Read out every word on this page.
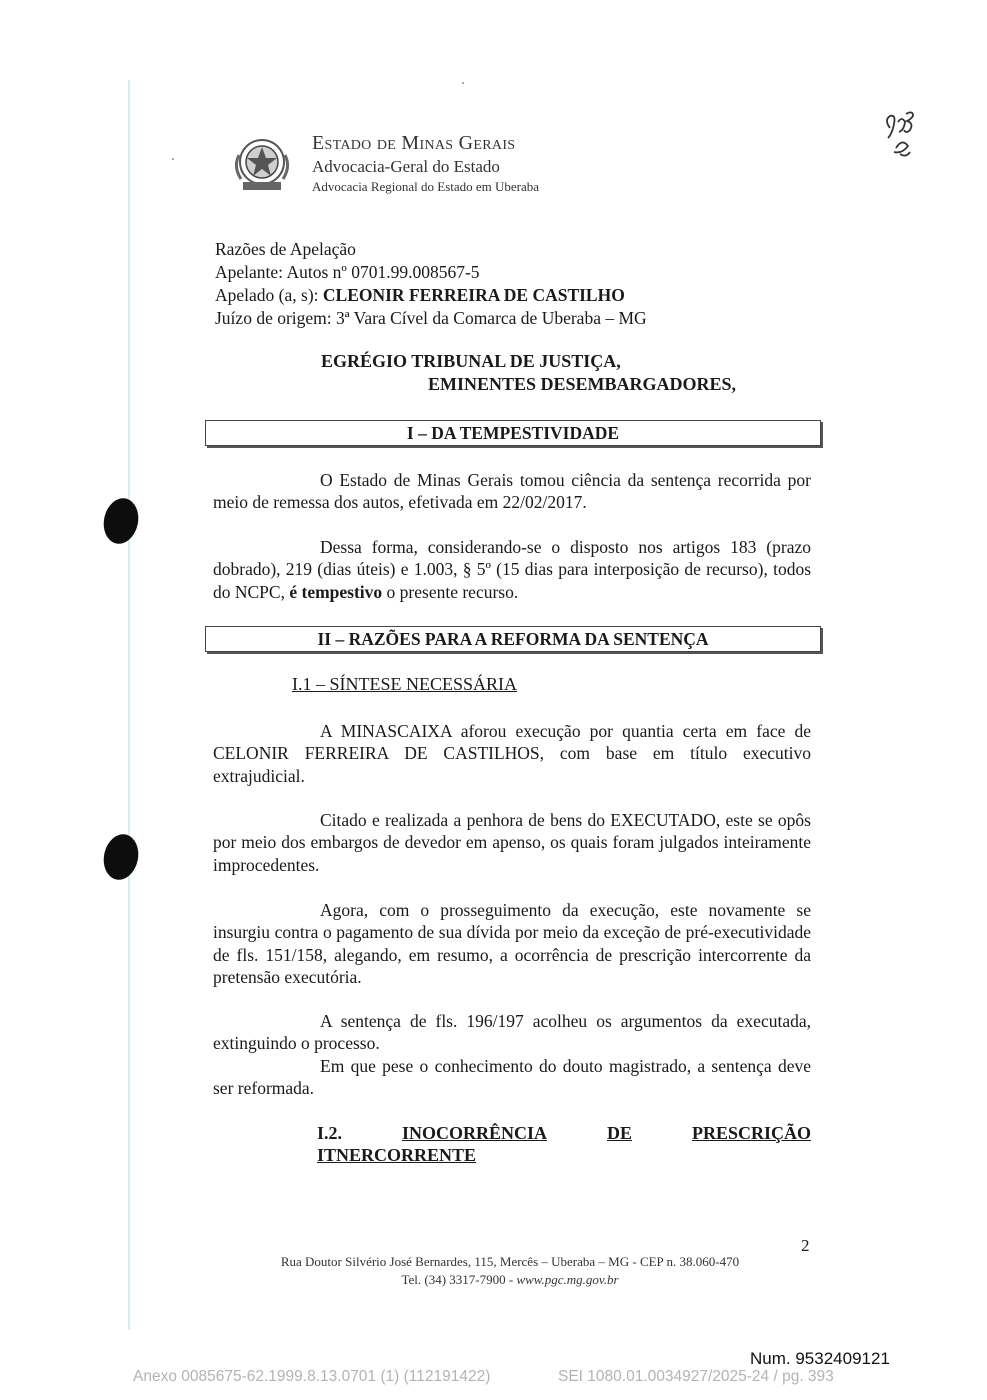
Estado de Minas Gerais
Advocacia-Geral do Estado
Advocacia Regional do Estado em Uberaba
Razões de Apelação
Apelante: Autos nº 0701.99.008567-5
Apelado (a, s): CLEONIR FERREIRA DE CASTILHO
Juízo de origem: 3ª Vara Cível da Comarca de Uberaba – MG
EGRÉGIO TRIBUNAL DE JUSTIÇA,
EMINENTES DESEMBARGADORES,
I – DA TEMPESTIVIDADE

O Estado de Minas Gerais tomou ciência da sentença recorrida por meio de remessa dos autos, efetivada em 22/02/2017.

Dessa forma, considerando-se o disposto nos artigos 183 (prazo dobrado), 219 (dias úteis) e 1.003, § 5º (15 dias para interposição de recurso), todos do NCPC, é tempestivo o presente recurso.

II – RAZÕES PARA A REFORMA DA SENTENÇA
I.1 – SÍNTESE NECESSÁRIA

A MINASCAIXA aforou execução por quantia certa em face de CELONIR FERREIRA DE CASTILHOS, com base em título executivo extrajudicial.

Citado e realizada a penhora de bens do EXECUTADO, este se opôs por meio dos embargos de devedor em apenso, os quais foram julgados inteiramente improcedentes.

Agora, com o prosseguimento da execução, este novamente se insurgiu contra o pagamento de sua dívida por meio da exceção de pré-executividade de fls. 151/158, alegando, em resumo, a ocorrência de prescrição intercorrente da pretensão executória.

A sentença de fls. 196/197 acolheu os argumentos da executada, extinguindo o processo.

Em que pese o conhecimento do douto magistrado, a sentença deve ser reformada.

I.2.	INOCORRÊNCIA	DE	PRESCRIÇÃO
ITNERCORRENTE
2
Rua Doutor Silvério José Bernardes, 115, Mercês – Uberaba – MG - CEP n. 38.060-470
Tel. (34) 3317-7900 - www.pgc.mg.gov.br
Num. 9532409121
Anexo 0085675-62.1999.8.13.0701 (1) (112191422)	SEI 1080.01.0034927/2025-24 / pg. 393
